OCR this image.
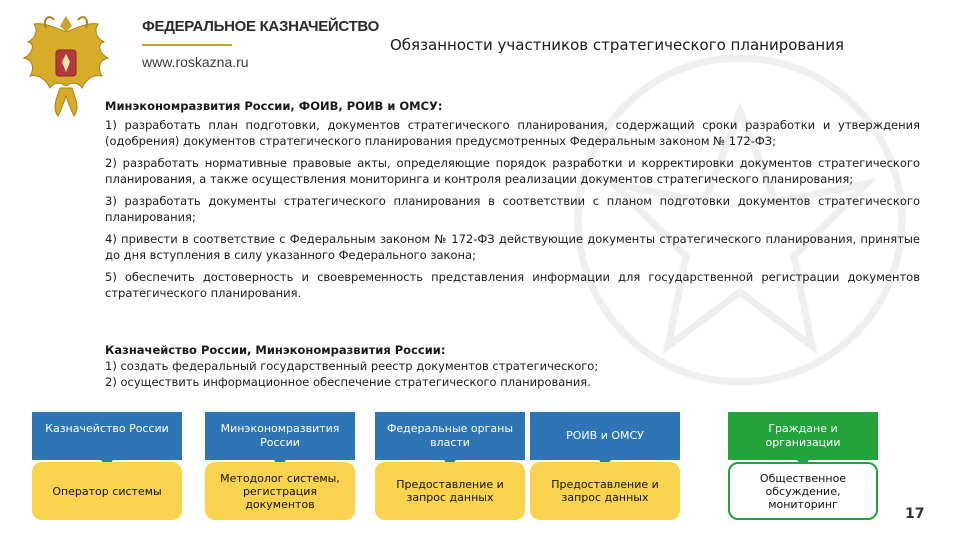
ФЕДЕРАЛЬНОЕ КАЗНАЧЕЙСТВО
www.roskazna.ru
Обязанности участников стратегического планирования

Минэкономразвития России, ФОИВ, РОИВ и ОМСУ:

1) разработать план подготовки, документов стратегического планирования, содержащий сроки разработки и утверждения (одобрения) документов стратегического планирования предусмотренных Федеральным законом № 172-ФЗ;

2) разработать нормативные правовые акты, определяющие порядок разработки и корректировки документов стратегического планирования, а также осуществления мониторинга и контроля реализации документов стратегического планирования;

3) разработать документы стратегического планирования в соответствии с планом подготовки документов стратегического планирования;

4) привести в соответствие с Федеральным законом № 172-ФЗ действующие документы стратегического планирования, принятые до дня вступления в силу указанного Федерального закона;

5) обеспечить достоверность и своевременность представления информации для государственной регистрации документов стратегического планирования.

Казначейство России, Минэкономразвития России:
1) создать федеральный государственный реестр документов стратегического;
2) осуществить информационное обеспечение стратегического планирования.
Казначейство России
Оператор системы
Минэкономразвития России
Методолог системы, регистрация документов
Федеральные органы власти
Предоставление и запрос данных
РОИВ и ОМСУ
Предоставление и запрос данных
Граждане и организации
Общественное обсуждение, мониторинг
17
